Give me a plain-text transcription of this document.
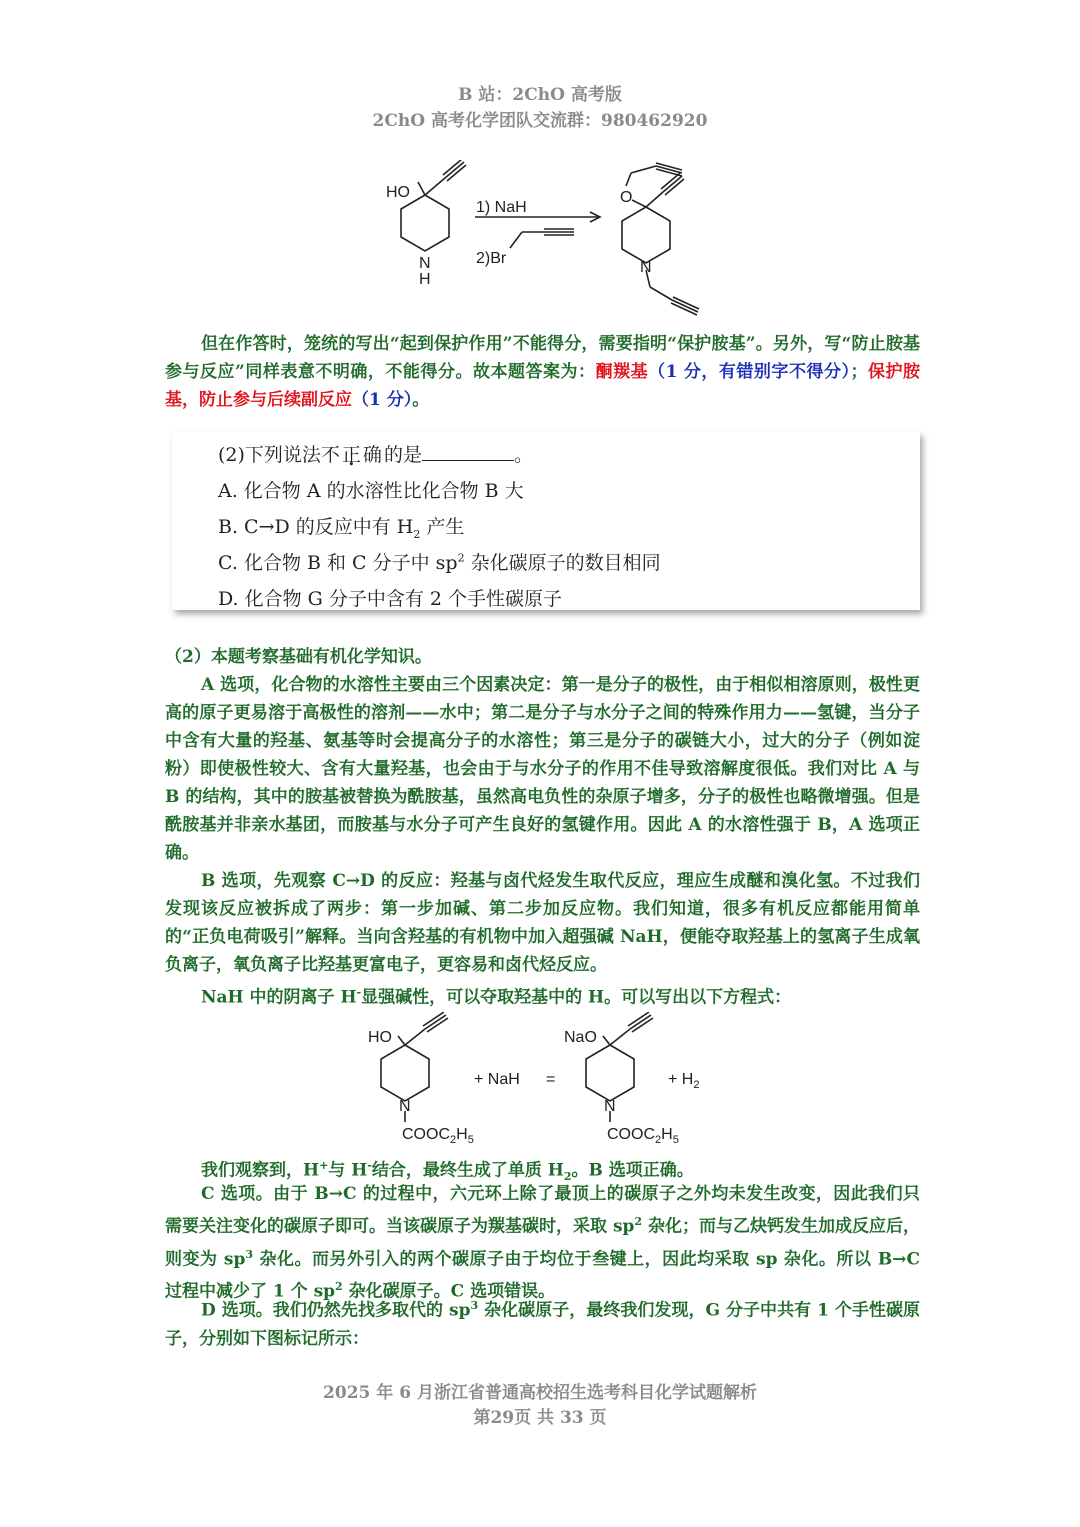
B 站：2ChO 高考版
2ChO 高考化学团队交流群：980462920
HO
N
H
1) NaH
2)Br
O
N
但在作答时，笼统的写出“起到保护作用”不能得分，需要指明“保护胺基”。另外，写“防止胺基参与反应”同样表意不明确，不能得分。故本题答案为：酮羰基（1 分，有错别字不得分）；保护胺基，防止参与后续副反应（1 分）。
(2)下列说法不正确的是	。
A. 化合物 A 的水溶性比化合物 B 大
B. C→D 的反应中有 $H_2$ 产生
C. 化合物 B 和 C 分子中 $sp^2$ 杂化碳原子的数目相同
D. 化合物 G 分子中含有 2 个手性碳原子
（2）本题考察基础有机化学知识。
A 选项，化合物的水溶性主要由三个因素决定：第一是分子的极性，由于相似相溶原则，极性更高的原子更易溶于高极性的溶剂——水中；第二是分子与水分子之间的特殊作用力——氢键，当分子中含有大量的羟基、氨基等时会提高分子的水溶性；第三是分子的碳链大小，过大的分子（例如淀粉）即使极性较大、含有大量羟基，也会由于与水分子的作用不佳导致溶解度很低。我们对比 A 与 B 的结构，其中的胺基被替换为酰胺基，虽然高电负性的杂原子增多，分子的极性也略微增强。但是酰胺基并非亲水基团，而胺基与水分子可产生良好的氢键作用。因此 A 的水溶性强于 B，A 选项正确。
B 选项，先观察 C→D 的反应：羟基与卤代烃发生取代反应，理应生成醚和溴化氢。不过我们发现该反应被拆成了两步：第一步加碱、第二步加反应物。我们知道，很多有机反应都能用简单的“正负电荷吸引”解释。当向含羟基的有机物中加入超强碱 NaH，便能夺取羟基上的氢离子生成氧负离子，氧负离子比羟基更富电子，更容易和卤代烃反应。
NaH 中的阴离子 H-显强碱性，可以夺取羟基中的 H。可以写出以下方程式：
HO
N
$COOC_2H_5$
+ NaH =
NaO
N
$COOC_2H_5$
+ $H_2$
我们观察到，H+与 H-结合，最终生成了单质 $H_2$。B 选项正确。
C 选项。由于 B→C 的过程中，六元环上除了最顶上的碳原子之外均未发生改变，因此我们只需要关注变化的碳原子即可。当该碳原子为羰基碳时，采取 $sp^2$ 杂化；而与乙炔钙发生加成反应后，则变为 $sp^3$ 杂化。而另外引入的两个碳原子由于均位于叁键上，因此均采取 sp 杂化。所以 B→C 过程中减少了 1 个 $sp^2$ 杂化碳原子。C 选项错误。
D 选项。我们仍然先找多取代的 $sp^3$ 杂化碳原子，最终我们发现，G 分子中共有 1 个手性碳原子，分别如下图标记所示：
2025 年 6 月浙江省普通高校招生选考科目化学试题解析
第29页 共 33 页
